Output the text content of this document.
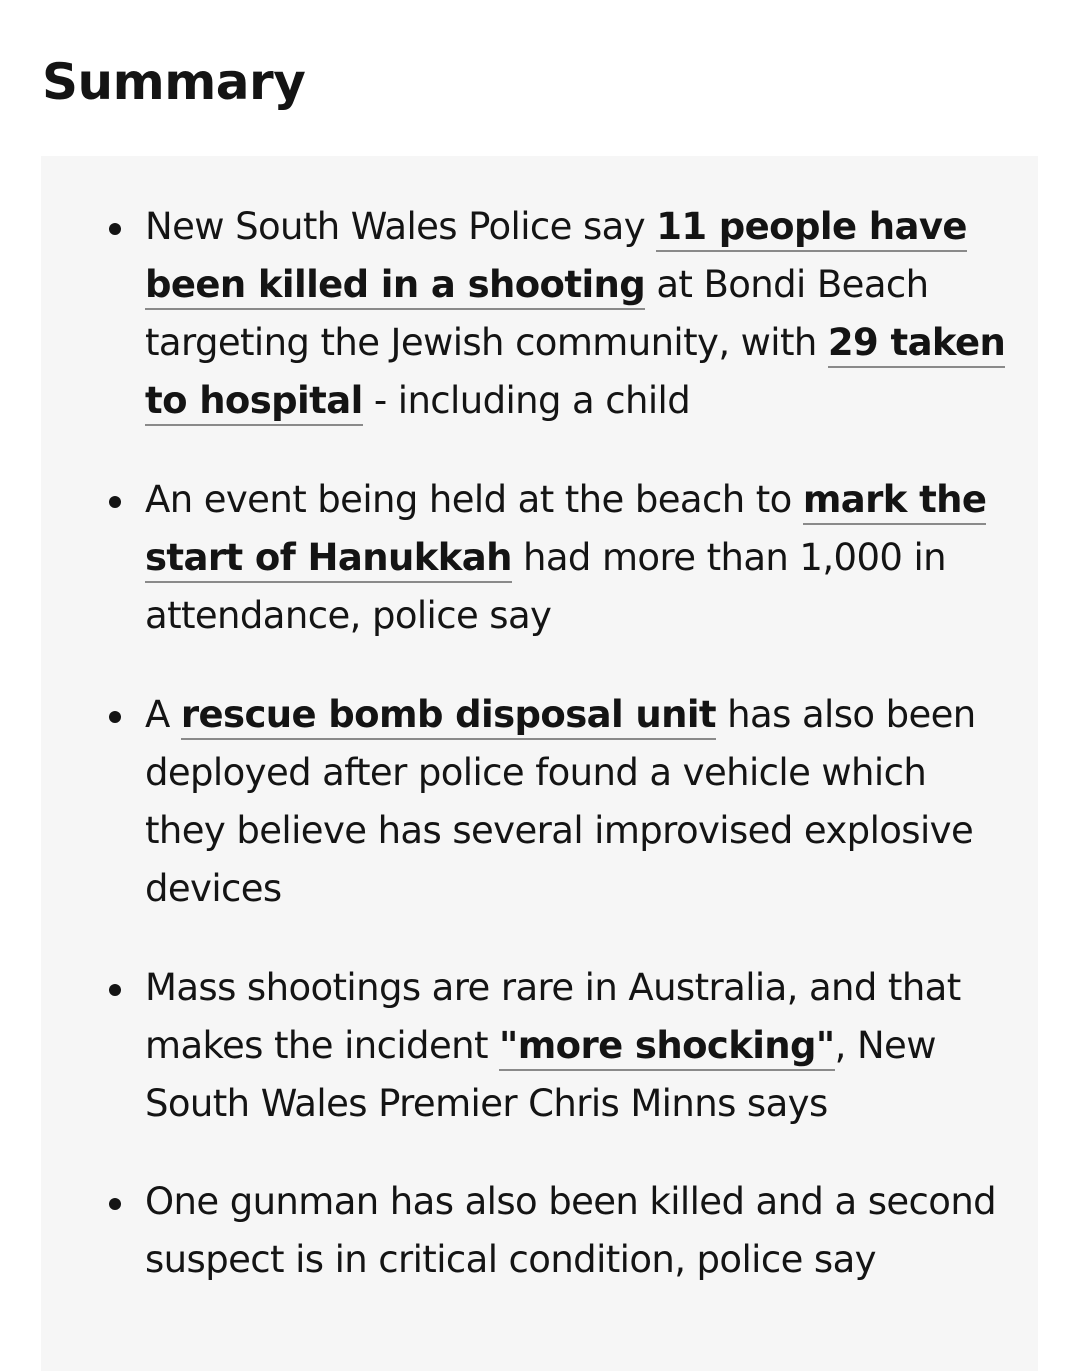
Summary
New South Wales Police say 11 people have been killed in a shooting at Bondi Beach targeting the Jewish community, with 29 taken to hospital - including a child
An event being held at the beach to mark the start of Hanukkah had more than 1,000 in attendance, police say
A rescue bomb disposal unit has also been deployed after police found a vehicle which they believe has several improvised explosive devices
Mass shootings are rare in Australia, and that makes the incident "more shocking", New South Wales Premier Chris Minns says
One gunman has also been killed and a second suspect is in critical condition, police say
